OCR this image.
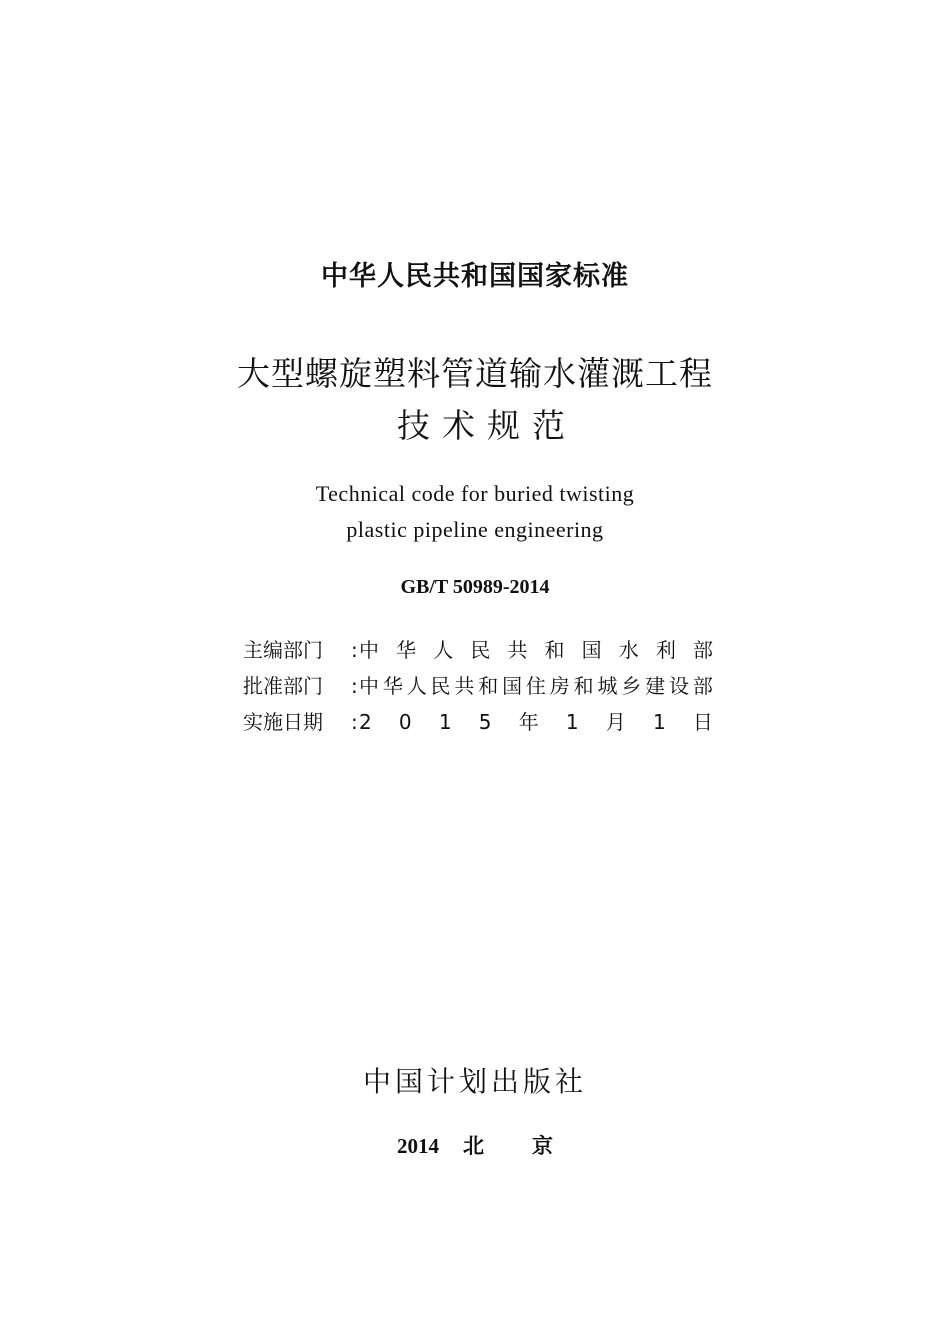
中华人民共和国国家标准
大型螺旋塑料管道输水灌溉工程
技术规范
Technical code for buried twisting
plastic pipeline engineering
GB/T 50989-2014
主编部门	: 中 华 人 民 共 和 国 水 利 部
批准部门	: 中 华 人 民 共 和 国 住 房 和 城 乡 建 设 部
实施日期	: 2 0 1 5 年 1 月 1 日
中国计划出版社
2014 北 京
